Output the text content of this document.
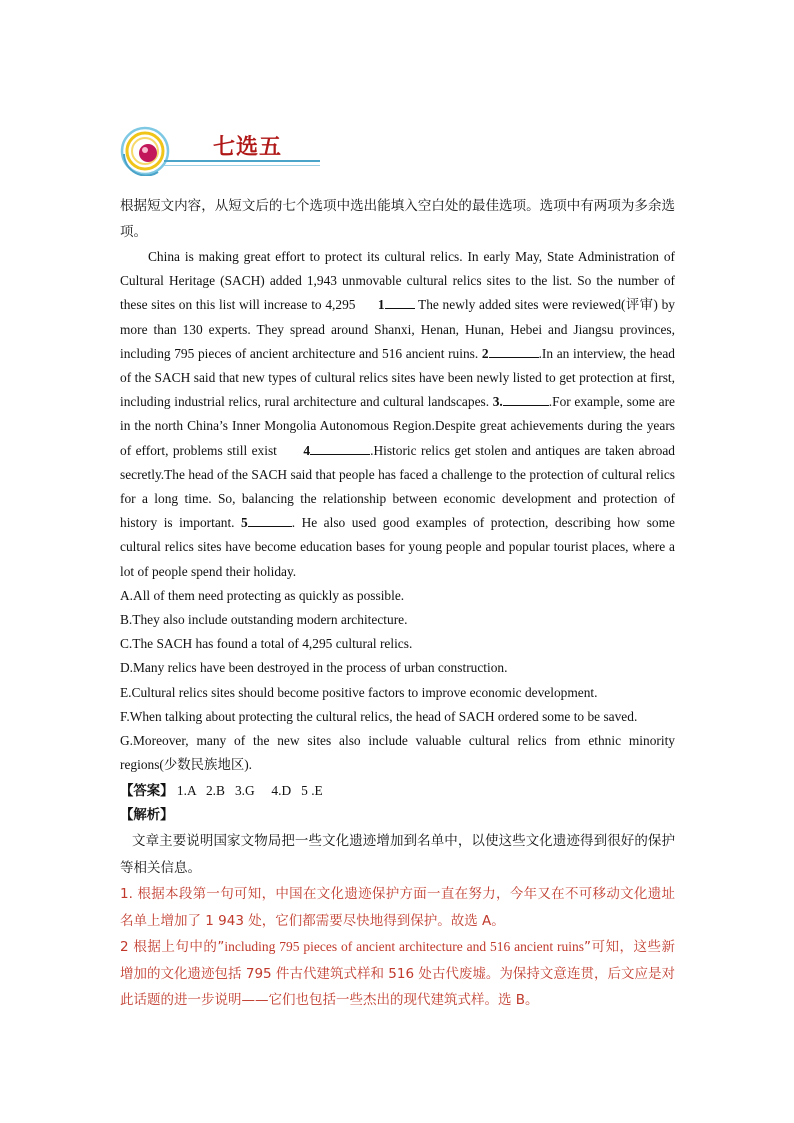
七选五

根据短文内容，从短文后的七个选项中选出能填入空白处的最佳选项。选项中有两项为多余选项。

China is making great effort to protect its cultural relics. In early May, State Administration of Cultural Heritage (SACH) added 1,943 unmovable cultural relics sites to the list. So the number of these sites on this list will increase to 4,295 1 The newly added sites were reviewed(评审) by more than 130 experts. They spread around Shanxi, Henan, Hunan, Hebei and Jiangsu provinces, including 795 pieces of ancient architecture and 516 ancient ruins. 2	.In an interview, the head of the SACH said that new types of cultural relics sites have been newly listed to get protection at first, including industrial relics, rural architecture and cultural landscapes. 3.	.For example, some are in the north China’s Inner Mongolia Autonomous Region.Despite great achievements during the years of effort, problems still exist 4	.Historic relics get stolen and antiques are taken abroad secretly.The head of the SACH said that people has faced a challenge to the protection of cultural relics for a long time. So, balancing the relationship between economic development and protection of history is important. 5	. He also used good examples of protection, describing how some cultural relics sites have become education bases for young people and popular tourist places, where a lot of people spend their holiday.

A.All of them need protecting as quickly as possible.

B.They also include outstanding modern architecture.

C.The SACH has found a total of 4,295 cultural relics.

D.Many relics have been destroyed in the process of urban construction.

E.Cultural relics sites should become positive factors to improve economic development.

F.When talking about protecting the cultural relics, the head of SACH ordered some to be saved.

G.Moreover, many of the new sites also include valuable cultural relics from ethnic minority regions(少数民族地区).

【答案】 1.A   2.B   3.G     4.D   5 .E

【解析】

文章主要说明国家文物局把一些文化遗迹增加到名单中，以使这些文化遗迹得到很好的保护等相关信息。

1. 根据本段第一句可知，中国在文化遗迹保护方面一直在努力，今年又在不可移动文化遗址名单上增加了 1 943 处，它们都需要尽快地得到保护。故选 A。

2 根据上句中的”including 795 pieces of ancient architecture and 516 ancient ruins”可知，这些新增加的文化遗迹包括 795 件古代建筑式样和 516 处古代废墟。为保持文意连贯，后文应是对此话题的进一步说明——它们也包括一些杰出的现代建筑式样。选 B。
